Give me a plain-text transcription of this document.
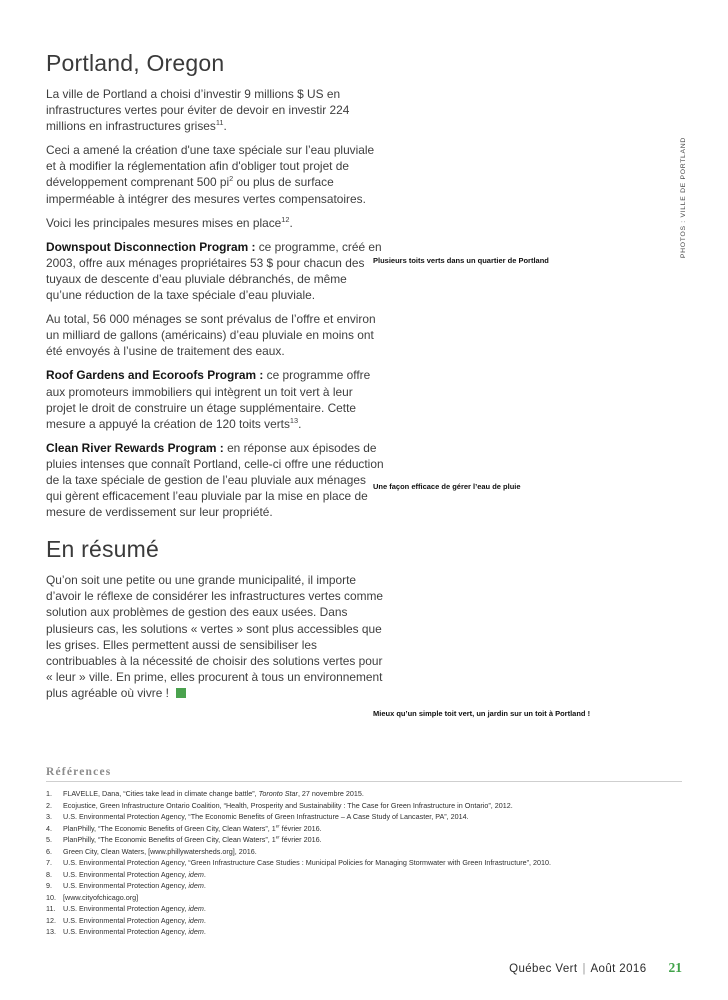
Portland, Oregon

La ville de Portland a choisi d’investir 9 millions $ US en infrastructures vertes pour éviter de devoir en investir 224 millions en infrastructures grises$^{11}$.

Ceci a amené la création d'une taxe spéciale sur l’eau pluviale et à modifier la réglementation afin d'obliger tout projet de développement comprenant 500 $pi^2$ ou plus de surface imperméable à intégrer des mesures vertes compensatoires.

Voici les principales mesures mises en place$^{12}$.

Downspout Disconnection Program : ce programme, créé en 2003, offre aux ménages propriétaires 53 $ pour chacun des tuyaux de descente d’eau pluviale débranchés, de même qu’une réduction de la taxe spéciale d’eau pluviale.

Au total, 56 000 ménages se sont prévalus de l’offre et environ un milliard de gallons (américains) d’eau pluviale en moins ont été envoyés à l’usine de traitement des eaux.

Roof Gardens and Ecoroofs Program : ce programme offre aux promoteurs immobiliers qui intègrent un toit vert à leur projet le droit de construire un étage supplémentaire. Cette mesure a appuyé la création de 120 toits verts$^{13}$.

Clean River Rewards Program : en réponse aux épisodes de pluies intenses que connaît Portland, celle-ci offre une réduction de la taxe spéciale de gestion de l’eau pluviale aux ménages qui gèrent efficacement l’eau pluviale par la mise en place de mesure de verdissement sur leur propriété.

En résumé

Qu’on soit une petite ou une grande municipalité, il importe d’avoir le réflexe de considérer les infrastructures vertes comme solution aux problèmes de gestion des eaux usées. Dans plusieurs cas, les solutions « vertes » sont plus accessibles que les grises. Elles permettent aussi de sensibiliser les contribuables à la nécessité de choisir des solutions vertes pour « leur » ville. En prime, elles procurent à tous un environnement plus agréable où vivre !

Plusieurs toits verts dans un quartier de Portland
Une façon efficace de gérer l’eau de pluie
Mieux qu’un simple toit vert, un jardin sur un toit à Portland !
PHOTOS : VILLE DE PORTLAND
Références
1.	FLAVELLE, Dana, “Cities take lead in climate change battle”, Toronto Star, 27 novembre 2015.
2.	Ecojustice, Green Infrastructure Ontario Coalition, “Health, Prosperity and Sustainability : The Case for Green Infrastructure in Ontario”, 2012.
3.	U.S. Environmental Protection Agency, “The Economic Benefits of Green Infrastructure – A Case Study of Lancaster, PA”, 2014.
4.	PlanPhilly, “The Economic Benefits of Green City, Clean Waters”, 1er février 2016.
5.	PlanPhilly, “The Economic Benefits of Green City, Clean Waters”, 1er février 2016.
6.	Green City, Clean Waters, [www.phillywatersheds.org], 2016.
7.	U.S. Environmental Protection Agency, “Green Infrastructure Case Studies : Municipal Policies for Managing Stormwater with Green Infrastructure”, 2010.
8.	U.S. Environmental Protection Agency, idem.
9.	U.S. Environmental Protection Agency, idem.
10. [www.cityofchicago.org]
11.	U.S. Environmental Protection Agency, idem.
12. U.S. Environmental Protection Agency, idem.
13. U.S. Environmental Protection Agency, idem.
Québec Vert | Août 2016 21
